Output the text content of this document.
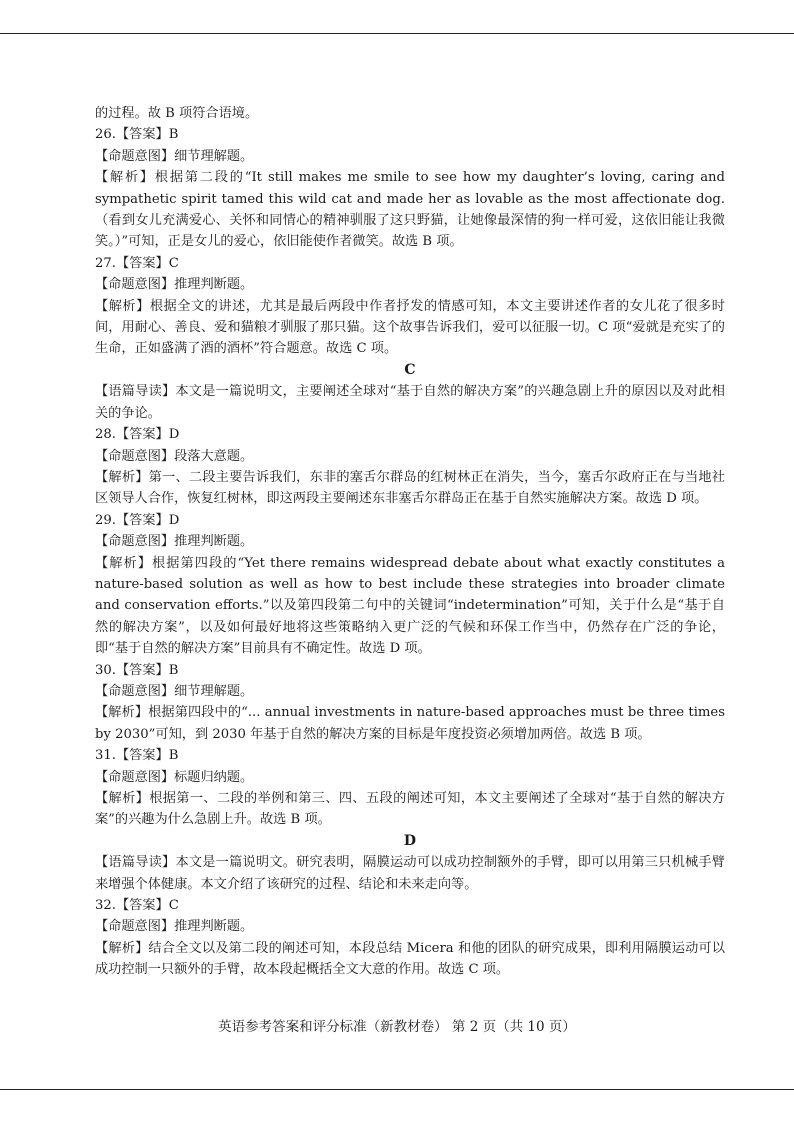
的过程。故 B 项符合语境。

26.【答案】B

【命题意图】细节理解题。

【解析】根据第二段的“It still makes me smile to see how my daughter’s loving, caring and sympathetic spirit tamed this wild cat and made her as lovable as the most affectionate dog.（看到女儿充满爱心、关怀和同情心的精神驯服了这只野猫，让她像最深情的狗一样可爱，这依旧能让我微笑。）”可知，正是女儿的爱心，依旧能使作者微笑。故选 B 项。

27.【答案】C

【命题意图】推理判断题。

【解析】根据全文的讲述，尤其是最后两段中作者抒发的情感可知，本文主要讲述作者的女儿花了很多时间，用耐心、善良、爱和猫粮才驯服了那只猫。这个故事告诉我们，爱可以征服一切。C 项“爱就是充实了的生命，正如盛满了酒的酒杯”符合题意。故选 C 项。

C

【语篇导读】本文是一篇说明文，主要阐述全球对“基于自然的解决方案”的兴趣急剧上升的原因以及对此相关的争论。

28.【答案】D

【命题意图】段落大意题。

【解析】第一、二段主要告诉我们，东非的塞舌尔群岛的红树林正在消失，当今，塞舌尔政府正在与当地社区领导人合作，恢复红树林，即这两段主要阐述东非塞舌尔群岛正在基于自然实施解决方案。故选 D 项。

29.【答案】D

【命题意图】推理判断题。

【解析】根据第四段的“Yet there remains widespread debate about what exactly constitutes a nature-based solution as well as how to best include these strategies into broader climate and conservation efforts.”以及第四段第二句中的关键词“indetermination”可知，关于什么是“基于自然的解决方案”，以及如何最好地将这些策略纳入更广泛的气候和环保工作当中，仍然存在广泛的争论，即“基于自然的解决方案”目前具有不确定性。故选 D 项。

30.【答案】B

【命题意图】细节理解题。

【解析】根据第四段中的“... annual investments in nature-based approaches must be three times by 2030”可知，到 2030 年基于自然的解决方案的目标是年度投资必须增加两倍。故选 B 项。

31.【答案】B

【命题意图】标题归纳题。

【解析】根据第一、二段的举例和第三、四、五段的阐述可知，本文主要阐述了全球对“基于自然的解决方案”的兴趣为什么急剧上升。故选 B 项。

D

【语篇导读】本文是一篇说明文。研究表明，隔膜运动可以成功控制额外的手臂，即可以用第三只机械手臂来增强个体健康。本文介绍了该研究的过程、结论和未来走向等。

32.【答案】C

【命题意图】推理判断题。

【解析】结合全文以及第二段的阐述可知，本段总结 Micera 和他的团队的研究成果，即利用隔膜运动可以成功控制一只额外的手臂，故本段起概括全文大意的作用。故选 C 项。

英语参考答案和评分标准（新教材卷） 第 2 页（共 10 页）
